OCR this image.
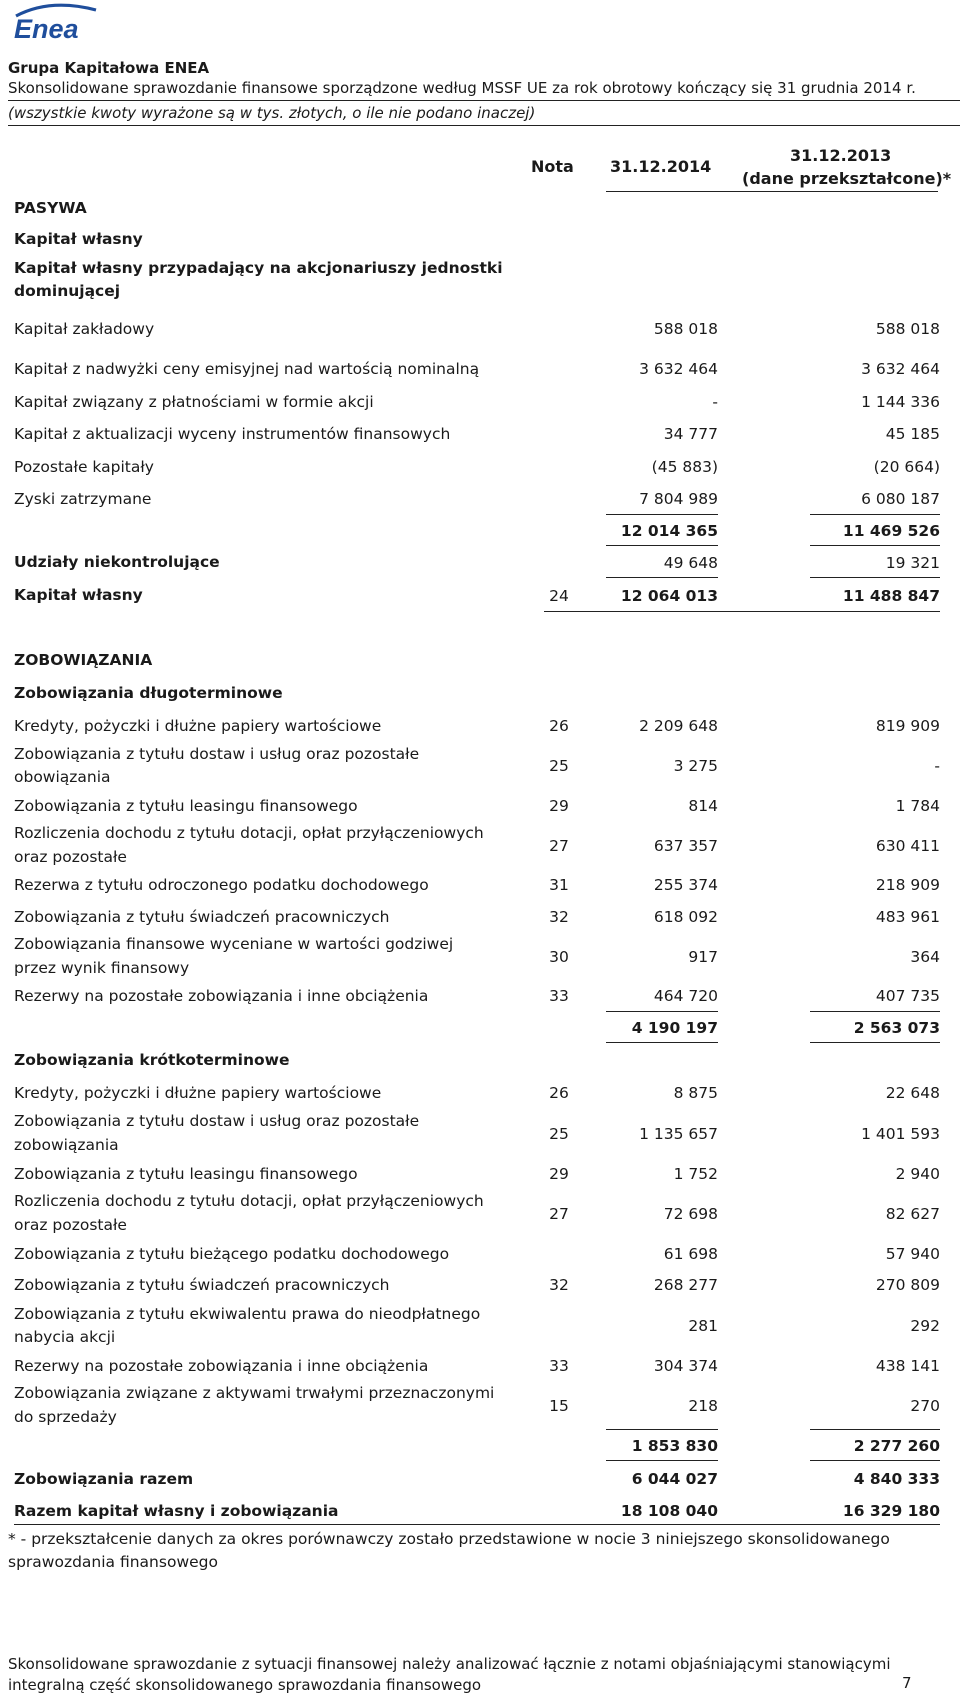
Enea
Grupa Kapitałowa ENEA
Skonsolidowane sprawozdanie finansowe sporządzone według MSSF UE za rok obrotowy kończący się 31 grudnia 2014 r.
(wszystkie kwoty wyrażone są w tys. złotych, o ile nie podano inaczej)
Nota 31.12.2014
31.12.2013
(dane przekształcone)*
PASYWA
Kapitał własny
Kapitał własny przypadający na akcjonariuszy jednostki
dominującej
Kapitał zakładowy	588 018	588 018
Kapitał z nadwyżki ceny emisyjnej nad wartością nominalną	3 632 464	3 632 464
Kapitał związany z płatnościami w formie akcji	-	1 144 336
Kapitał z aktualizacji wyceny instrumentów finansowych	34 777	45 185
Pozostałe kapitały	(45 883)	(20 664)
Zyski zatrzymane	7 804 989	6 080 187
12 014 365	11 469 526
Udziały niekontrolujące	49 648	19 321
Kapitał własny	24	12 064 013	11 488 847
ZOBOWIĄZANIA
Zobowiązania długoterminowe
Kredyty, pożyczki i dłużne papiery wartościowe	26	2 209 648	819 909
Zobowiązania z tytułu dostaw i usług oraz pozostałe
obowiązania
25	3 275	-
Zobowiązania z tytułu leasingu finansowego	29	814	1 784
Rozliczenia dochodu z tytułu dotacji, opłat przyłączeniowych
oraz pozostałe
27	637 357	630 411
Rezerwa z tytułu odroczonego podatku dochodowego	31	255 374	218 909
Zobowiązania z tytułu świadczeń pracowniczych	32	618 092	483 961
Zobowiązania finansowe wyceniane w wartości godziwej
przez wynik finansowy
30	917	364
Rezerwy na pozostałe zobowiązania i inne obciążenia	33	464 720	407 735
4 190 197	2 563 073
Zobowiązania krótkoterminowe
Kredyty, pożyczki i dłużne papiery wartościowe	26	8 875	22 648
Zobowiązania z tytułu dostaw i usług oraz pozostałe
zobowiązania
25	1 135 657	1 401 593
Zobowiązania z tytułu leasingu finansowego	29	1 752	2 940
Rozliczenia dochodu z tytułu dotacji, opłat przyłączeniowych
oraz pozostałe
27	72 698	82 627
Zobowiązania z tytułu bieżącego podatku dochodowego	61 698	57 940
Zobowiązania z tytułu świadczeń pracowniczych	32	268 277	270 809
Zobowiązania z tytułu ekwiwalentu prawa do nieodpłatnego
nabycia akcji
281	292
Rezerwy na pozostałe zobowiązania i inne obciążenia	33	304 374	438 141
Zobowiązania związane z aktywami trwałymi przeznaczonymi
do sprzedaży
15	218	270
1 853 830	2 277 260
Zobowiązania razem	6 044 027	4 840 333
Razem kapitał własny i zobowiązania	18 108 040	16 329 180
* - przekształcenie danych za okres porównawczy zostało przedstawione w nocie 3 niniejszego skonsolidowanego sprawozdania finansowego
Skonsolidowane sprawozdanie z sytuacji finansowej należy analizować łącznie z notami objaśniającymi stanowiącymi integralną część skonsolidowanego sprawozdania finansowego	7
